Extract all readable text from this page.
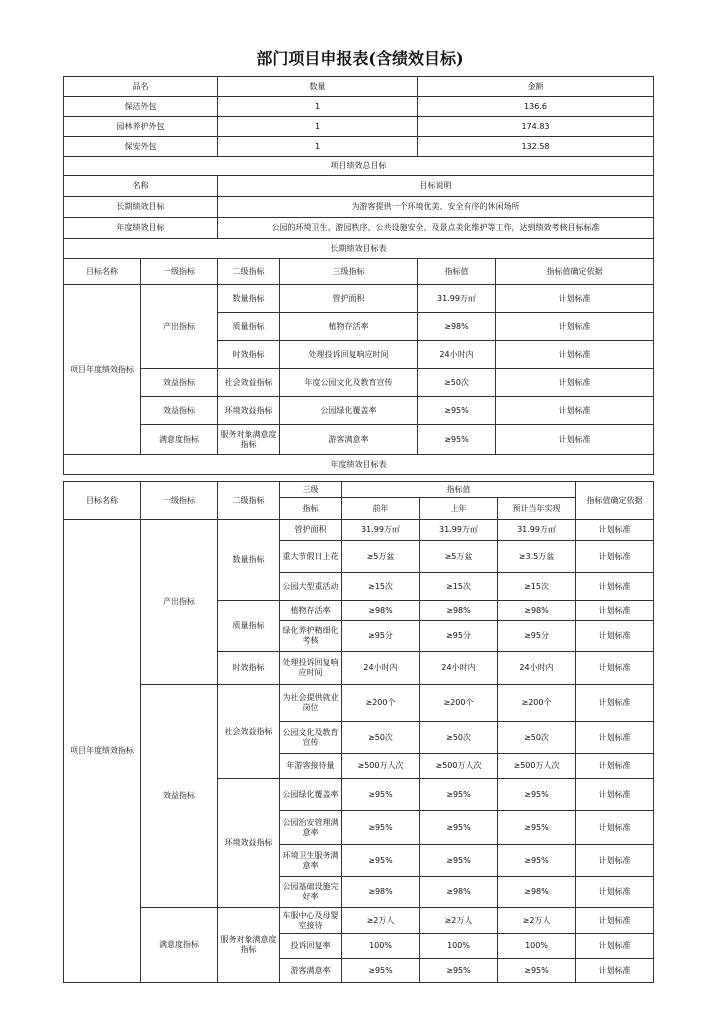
部门项目申报表(含绩效目标)
品名		数量		金额	
保洁外包		1		136.6	
园林养护外包		1		174.83	
保安外包		1		132.58	
项目绩效总目标					
名称		目标说明			
长期绩效目标		为游客提供一个环境优美、安全有序的休闲场所			
年度绩效目标		公园的环境卫生、游园秩序、公共设施安全、及景点美化维护等工作，达到绩效考核目标标准			
长期绩效目标表					
目标名称	一级指标	二级指标	三级指标	指标值	指标值确定依据
项目年度绩效指标	产出指标	数量指标	管护面积	31.99万㎡	计划标准
		质量指标	植物存活率	≥98%	计划标准
		时效指标	处理投诉回复响应时间	24小时内	计划标准
	效益指标	社会效益指标	年度公园文化及教育宣传	≥50次	计划标准
	效益指标	环境效益指标	公园绿化覆盖率	≥95%	计划标准
	满意度指标	服务对象满意度指标	游客满意率	≥95%	计划标准
年度绩效目标表					
目标名称	一级指标	二级指标	三级	指标值			指标值确定依据
			指标	前年	上年	预计当年实现	
项目年度绩效指标	产出指标	数量指标	管护面积	31.99万㎡	31.99万㎡	31.99万㎡	计划标准
			重大节假日上花	≥5万盆	≥5万盆	≥3.5万盆	计划标准
			公园大型重活动	≥15次	≥15次	≥15次	计划标准
		质量指标	植物存活率	≥98%	≥98%	≥98%	计划标准
			绿化养护精细化考核	≥95分	≥95分	≥95分	计划标准
		时效指标	处理投诉回复响应时间	24小时内	24小时内	24小时内	计划标准
	效益指标	社会效益指标	为社会提供就业岗位	≥200个	≥200个	≥200个	计划标准
			公园文化及教育宣传	≥50次	≥50次	≥50次	计划标准
			年游客接待量	≥500万人次	≥500万人次	≥500万人次	计划标准
		环境效益指标	公园绿化覆盖率	≥95%	≥95%	≥95%	计划标准
			公园治安管理满意率	≥95%	≥95%	≥95%	计划标准
			环境卫生服务满意率	≥95%	≥95%	≥95%	计划标准
			公园基础设施完好率	≥98%	≥98%	≥98%	计划标准
	满意度指标	服务对象满意度指标	车服中心及母婴室接待	≥2万人	≥2万人	≥2万人	计划标准
			投诉回复率	100%	100%	100%	计划标准
			游客满意率	≥95%	≥95%	≥95%	计划标准
